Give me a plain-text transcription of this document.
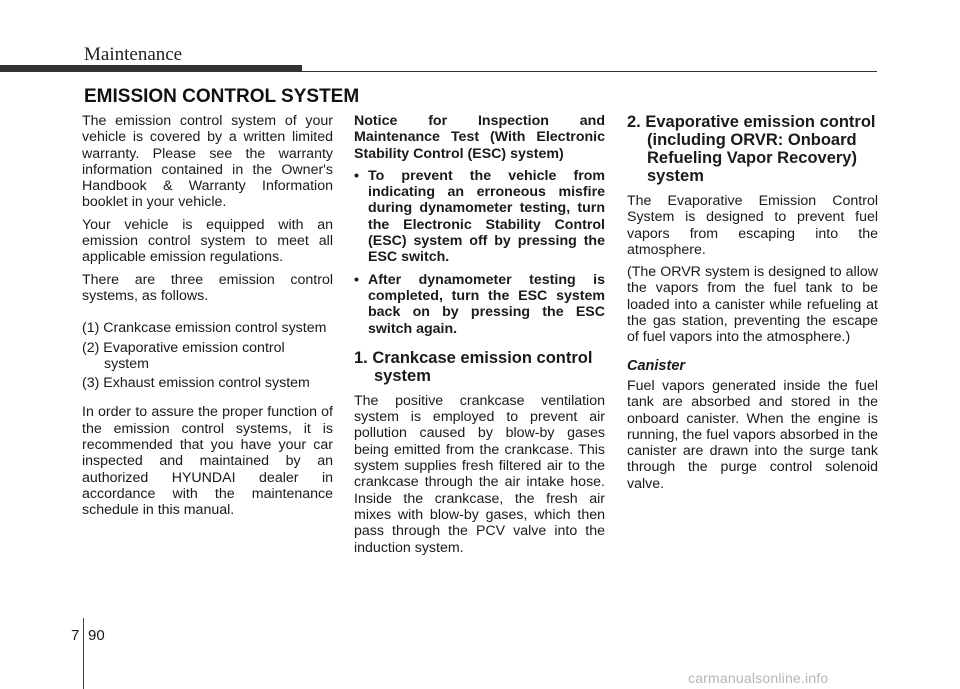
Maintenance
EMISSION CONTROL SYSTEM

The emission control system of your vehicle is covered by a written limited warranty. Please see the warranty information contained in the Owner's Handbook & Warranty Information booklet in your vehicle.

Your vehicle is equipped with an emission control system to meet all applicable emission regulations.

There are three emission control systems, as follows.

(1) Crankcase emission control system
(2) Evaporative emission control system
(3) Exhaust emission control system

In order to assure the proper function of the emission control systems, it is recommended that you have your car inspected and maintained by an authorized HYUNDAI dealer in accordance with the maintenance schedule in this manual.

Notice for Inspection and Maintenance Test (With Electronic Stability Control (ESC) system)

• To prevent the vehicle from indicating an erroneous misfire during dynamometer testing, turn the Electronic Stability Control (ESC) system off by pressing the ESC switch.
• After dynamometer testing is completed, turn the ESC system back on by pressing the ESC switch again.
1. Crankcase emission control system

The positive crankcase ventilation system is employed to prevent air pollution caused by blow-by gases being emitted from the crankcase. This system supplies fresh filtered air to the crankcase through the air intake hose. Inside the crankcase, the fresh air mixes with blow-by gases, which then pass through the PCV valve into the induction system.

2. Evaporative emission control (including ORVR: Onboard Refueling Vapor Recovery) system

The Evaporative Emission Control System is designed to prevent fuel vapors from escaping into the atmosphere.

(The ORVR system is designed to allow the vapors from the fuel tank to be loaded into a canister while refueling at the gas station, preventing the escape of fuel vapors into the atmosphere.)

Canister

Fuel vapors generated inside the fuel tank are absorbed and stored in the onboard canister. When the engine is running, the fuel vapors absorbed in the canister are drawn into the surge tank through the purge control solenoid valve.

7 90
carmanualsonline.info
